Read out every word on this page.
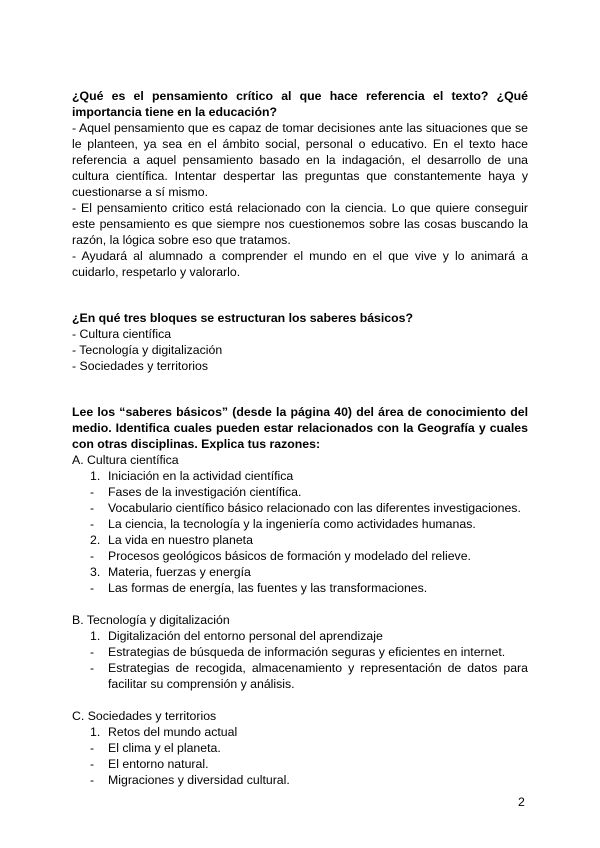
¿Qué es el pensamiento crítico al que hace referencia el texto? ¿Qué importancia tiene en la educación?

- Aquel pensamiento que es capaz de tomar decisiones ante las situaciones que se le planteen, ya sea en el ámbito social, personal o educativo. En el texto hace referencia a aquel pensamiento basado en la indagación, el desarrollo de una cultura científica. Intentar despertar las preguntas que constantemente haya y cuestionarse a sí mismo.

- El pensamiento critico está relacionado con la ciencia. Lo que quiere conseguir este pensamiento es que siempre nos cuestionemos sobre las cosas buscando la razón, la lógica sobre eso que tratamos.

- Ayudará al alumnado a comprender el mundo en el que vive y lo animará a cuidarlo, respetarlo y valorarlo.

¿En qué tres bloques se estructuran los saberes básicos?

- Cultura científica

- Tecnología y digitalización

- Sociedades y territorios

Lee los “saberes básicos” (desde la página 40) del área de conocimiento del medio. Identifica cuales pueden estar relacionados con la Geografía y cuales con otras disciplinas. Explica tus razones:

A. Cultura científica

1. Iniciación en la actividad científica
-	Fases de la investigación científica.
-	Vocabulario científico básico relacionado con las diferentes investigaciones.
-	La ciencia, la tecnología y la ingeniería como actividades humanas.
2. La vida en nuestro planeta
-	Procesos geológicos básicos de formación y modelado del relieve.
3. Materia, fuerzas y energía
-	Las formas de energía, las fuentes y las transformaciones.

B. Tecnología y digitalización

1. Digitalización del entorno personal del aprendizaje
-	Estrategias de búsqueda de información seguras y eficientes en internet.
-	Estrategias de recogida, almacenamiento y representación de datos para facilitar su comprensión y análisis.

C. Sociedades y territorios

1. Retos del mundo actual
-	El clima y el planeta.
-	El entorno natural.
-	Migraciones y diversidad cultural.
2
